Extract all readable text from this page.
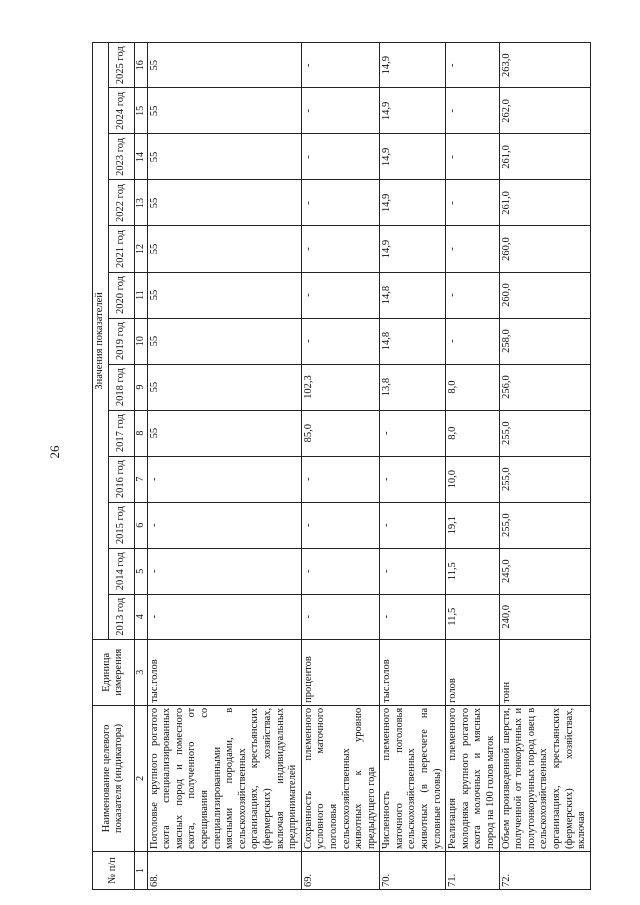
26
№ п/п	Наименование целевого показателя (индикатора)	Единица измерения	Значения показателей												
			2013 год	2014 год	2015 год	2016 год	2017 год	2018 год	2019 год	2020 год	2021 год	2022 год	2023 год	2024 год	2025 год
1	2	3	4	5	6	7	8	9	10	11	12	13	14	15	16
68.	Поголовье крупного рогатого скота специализированных мясных пород и помесного скота, полученного от скрещивания со специализированными мясными породами, в сельскохозяйственных организациях, крестьянских (фермерских) хозяйствах, включая индивидуальных предпринимателей	тыс.голов	-	-	-	-	55	55	55	55	55	55	55	55	55
69.	Сохранность племенного условного маточного поголовья сельскохозяйственных животных к уровню предыдущего года	процентов	-	-	-	-	85,0	102,3	-	-	-	-	-	-	-
70.	Численность племенного маточного поголовья сельскохозяйственных животных (в пересчете на условные головы)	тыс.голов	-	-	-	-	-	13,8	14,8	14,8	14,9	14,9	14,9	14,9	14,9
71.	Реализация племенного молодняка крупного рогатого скота молочных и мясных пород на 100 голов маток	голов	11,5	11,5	19,1	10,0	8,0	8,0	-	-	-	-	-	-	-
72.	Объем произведенной шерсти, полученной от тонкорунных и полутонкорунных пород овец в сельскохозяйственных организациях, крестьянских (фермерских) хозяйствах, включая	тонн	240,0	245,0	255,0	255,0	255,0	256,0	258,0	260,0	260,0	261,0	261,0	262,0	263,0
